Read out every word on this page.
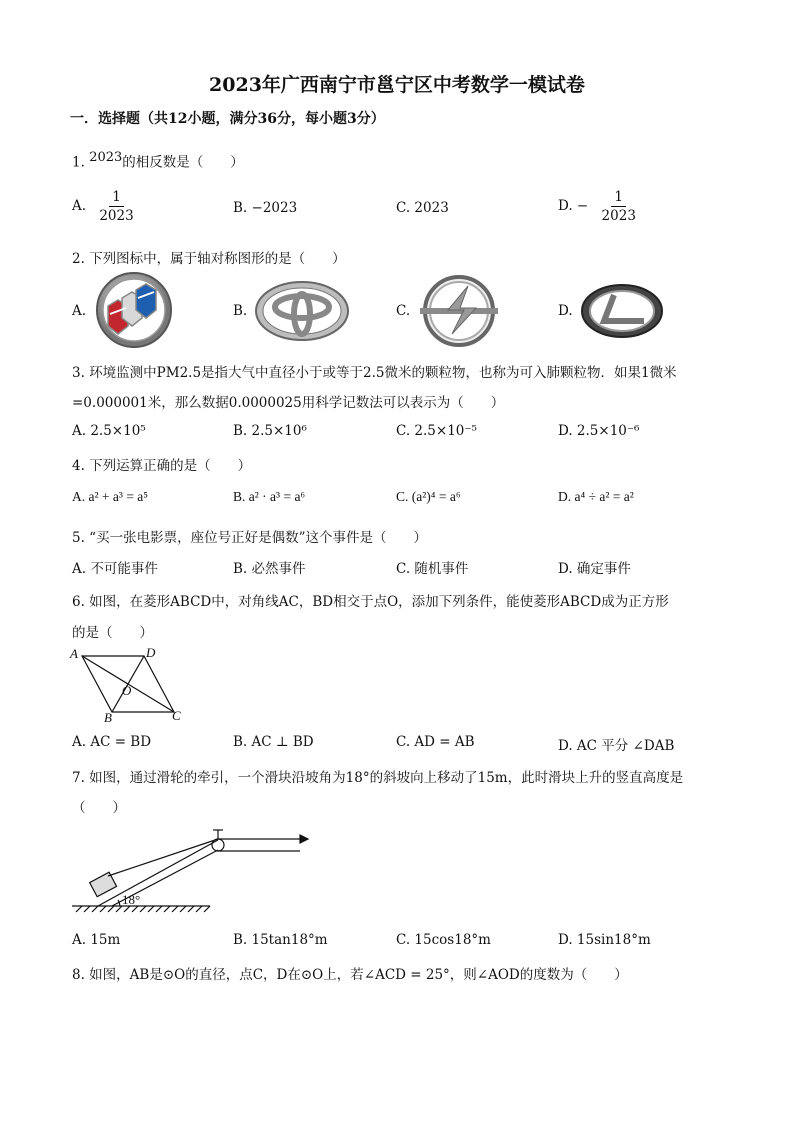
2023年广西南宁市邕宁区中考数学一模试卷
一．选择题（共12小题，满分36分，每小题3分）
1. $^{2023}$的相反数是（　　）
A. $\frac{1}{2023}$	B. −2023	C. 2023	D. − $\frac{1}{2023}$
2. 下列图标中，属于轴对称图形的是（　　）
A.	B.	C.	D.
3. 环境监测中PM2.5是指大气中直径小于或等于2.5微米的颗粒物，也称为可入肺颗粒物．如果1微米
=0.000001米，那么数据0.0000025用科学记数法可以表示为（　　）
A. 2.5×10⁵	B. 2.5×10⁶	C. 2.5×10⁻⁵	D. 2.5×10⁻⁶
4. 下列运算正确的是（　　）
A. a² + a³ = a⁵	B. a² · a³ = a⁶	C. (a²)⁴ = a⁶	D. a⁴ ÷ a² = a²
5. “买一张电影票，座位号正好是偶数”这个事件是（　　）
A. 不可能事件	B. 必然事件	C. 随机事件	D. 确定事件
6. 如图，在菱形ABCD中，对角线AC，BD相交于点O，添加下列条件，能使菱形ABCD成为正方形
的是（　　）
A	D
O
B	C
A. AC = BD	B. AC ⊥ BD	C. AD = AB	D. AC 平分 ∠DAB
7. 如图，通过滑轮的牵引，一个滑块沿坡角为18°的斜坡向上移动了15m，此时滑块上升的竖直高度是
（　　）
18°
A. 15m	B. 15tan18°m	C. 15cos18°m	D. 15sin18°m
8. 如图，AB是⊙O的直径，点C，D在⊙O上，若∠ACD = 25°，则∠AOD的度数为（　　）
